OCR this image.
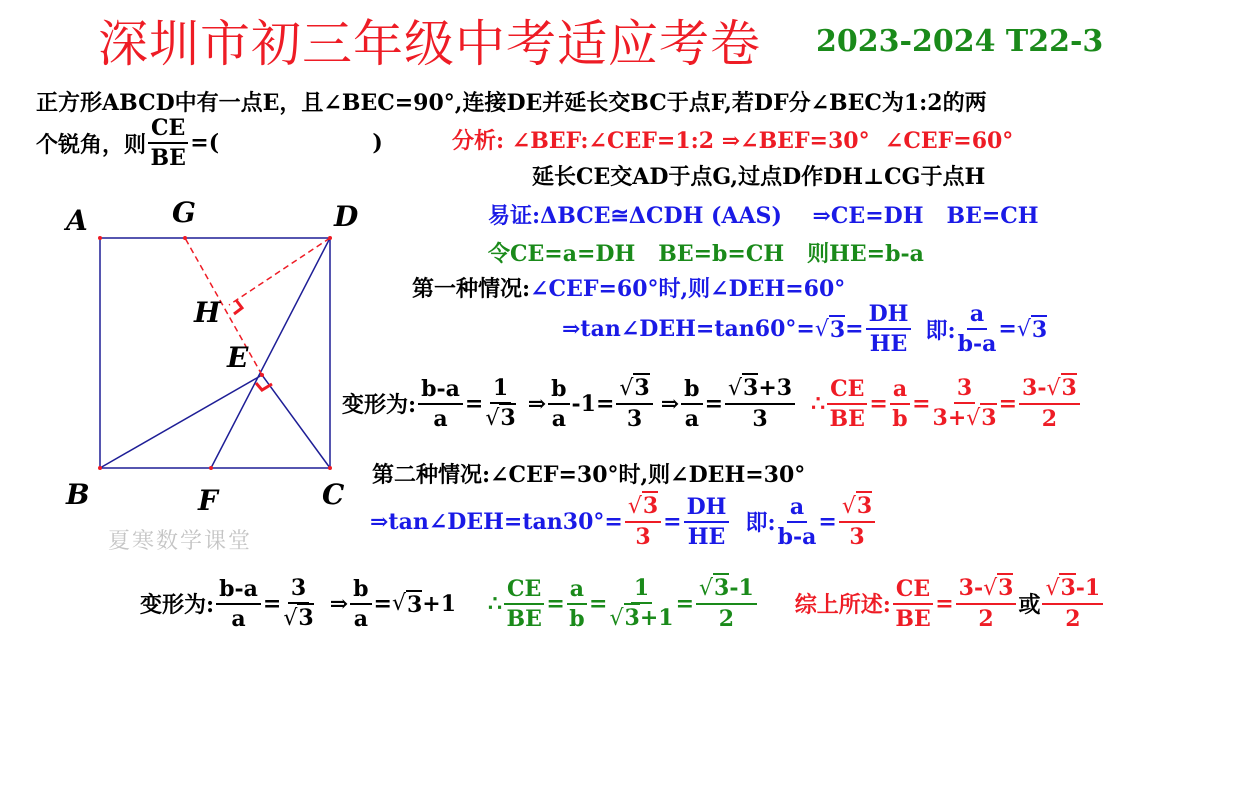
深圳市初三年级中考适应考卷 2023-2024 T22-3
正方形ABCD中有一点E，且∠BEC=90°,连接DE并延长交BC于点F,若DF分∠BEC为1:2的两
个锐角，则 $\frac{CE}{BE}$ =(                    )	分析: ∠BEF:∠CEF=1:2 ⇒∠BEF=30°  ∠CEF=60°
延长CE交AD于点G,过点D作DH⊥CG于点H
易证:ΔBCE≅ΔCDH (AAS)    ⇒CE=DH   BE=CH
令CE=a=DH   BE=b=CH   则HE=b-a
第一种情况:∠CEF=60°时,则∠DEH=60°
⇒tan∠DEH=tan60°= √ $3 = \frac{DH}{HE}$ 即: $\frac{a}{b-a}$ = √ 3
变形为: $\frac{b-a}{a} = \frac{1}{√3}$ ⇒ $\frac{b}{a} -1= \frac{√3}{3}$ ⇒ $\frac{b}{a} = \frac{√3+3}{3}$ ∴ $\frac{CE}{BE} = \frac{a}{b} = \frac{3}{3+√3} = \frac{3-√3}{2}$
第二种情况:∠CEF=30°时,则∠DEH=30°
⇒tan∠DEH=tan30°= $\frac{√3}{3} = \frac{DH}{HE}$ 即: $\frac{a}{b-a} = \frac{√3}{3}$
变形为: $\frac{b-a}{a} = \frac{3}{√3}$ ⇒ $\frac{b}{a}$ = √ 3 +1 ∴ $\frac{CE}{BE} = \frac{a}{b} = \frac{1}{√3+1} = \frac{√3-1}{2}$ 综上所述: $\frac{CE}{BE} = \frac{3-√3}{2}$ 或 $\frac{√3-1}{2}$
A	G	D
H
E
B	F	C
夏寒数学课堂
